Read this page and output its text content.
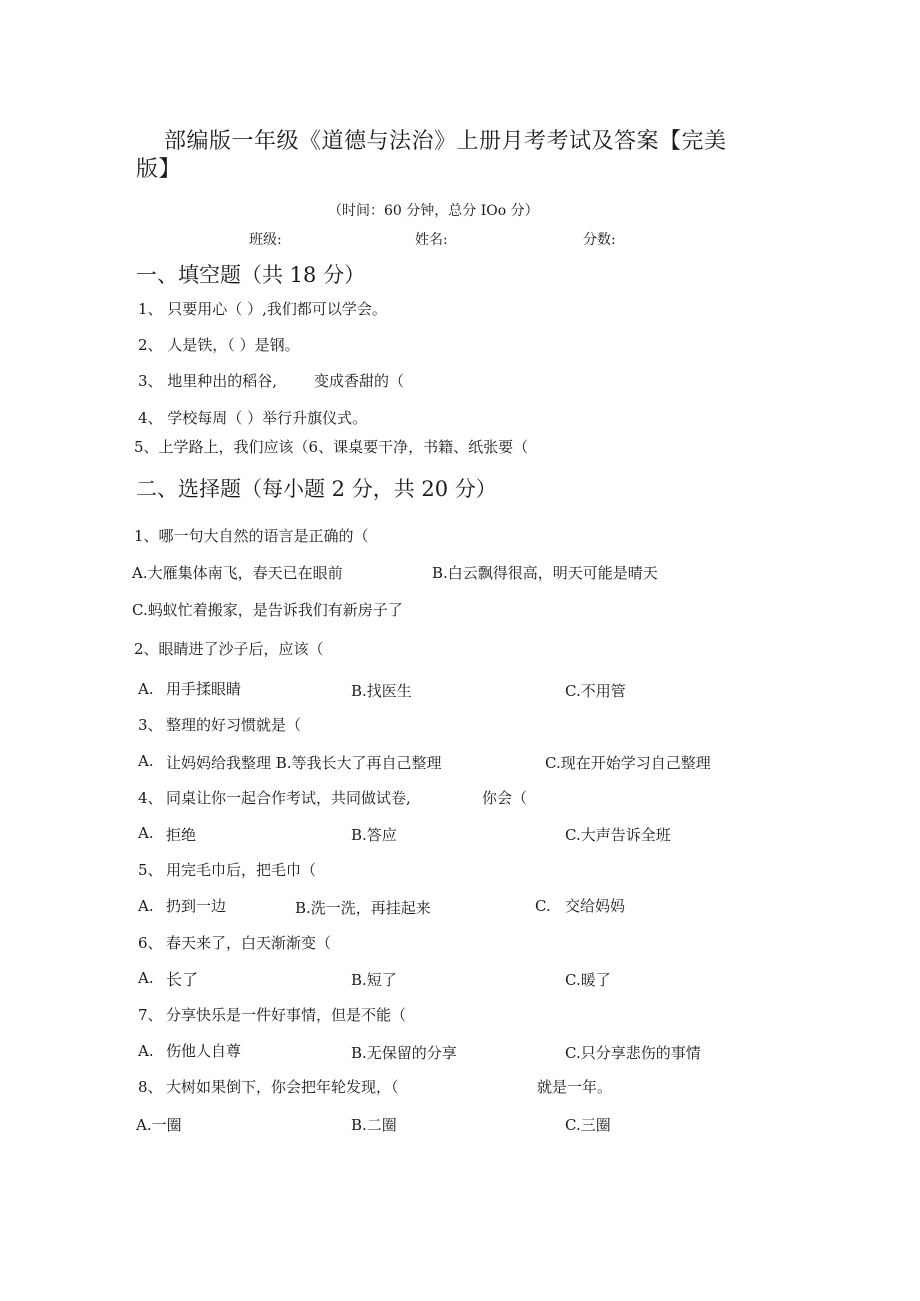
部编版一年级《道德与法治》上册月考考试及答案【完美
版】
（时间：60 分钟，总分 IOo 分）
班级:	姓名:	分数:
一、填空题（共 18 分）
1、 只要用心（ ）,我们都可以学会。
2、 人是铁，（ ）是钢。
3、 地里种出的稻谷, 变成香甜的（
4、 学校每周（ ）举行升旗仪式。
5、上学路上，我们应该（6、课桌要干净，书籍、纸张要（
二、选择题（每小题 2 分，共 20 分）
1、哪一句大自然的语言是正确的（
A.大雁集体南飞，春天已在眼前	B.白云飘得很高，明天可能是晴天
C.蚂蚁忙着搬家，是告诉我们有新房子了
2、眼睛进了沙子后，应该（
A. 用手揉眼睛	B.找医生	C.不用管
3、 整理的好习惯就是（
A. 让妈妈给我整理 B.等我长大了再自己整理	C.现在开始学习自己整理
4、 同桌让你一起合作考试，共同做试卷,	你会（
A. 拒绝	B.答应	C.大声告诉全班
5、 用完毛巾后，把毛巾（
A. 扔到一边	B.洗一洗，再挂起来	C. 交给妈妈
6、 春天来了，白天渐渐变（
A. 长了	B.短了	C.暖了
7、 分享快乐是一件好事情，但是不能（
A. 伤他人自尊	B.无保留的分享	C.只分享悲伤的事情
8、 大树如果倒下，你会把年轮发现，（	就是一年。
A.一圈	B.二圈	C.三圈
